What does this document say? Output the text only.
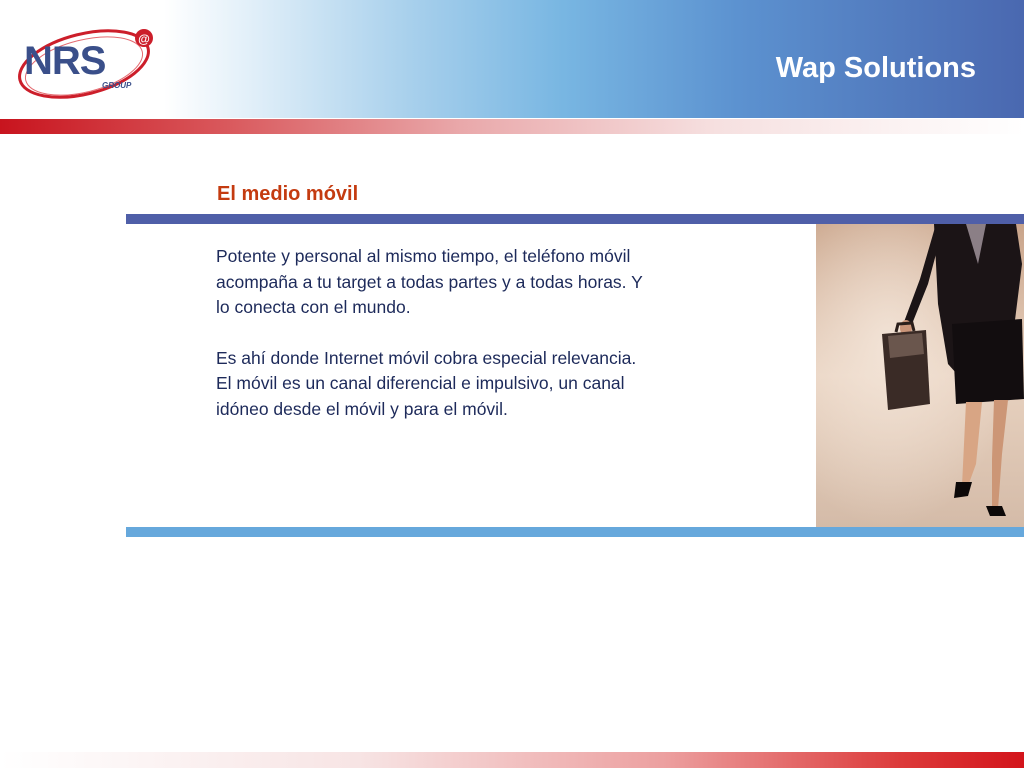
NRS	@
GROUP
Wap Solutions
El medio móvil

Potente y personal al mismo tiempo, el teléfono móvil acompaña a tu target a todas partes y a todas horas. Y lo conecta con el mundo.

Es ahí donde Internet móvil cobra especial relevancia. El móvil es un canal diferencial e impulsivo, un canal idóneo desde el móvil y para el móvil.
